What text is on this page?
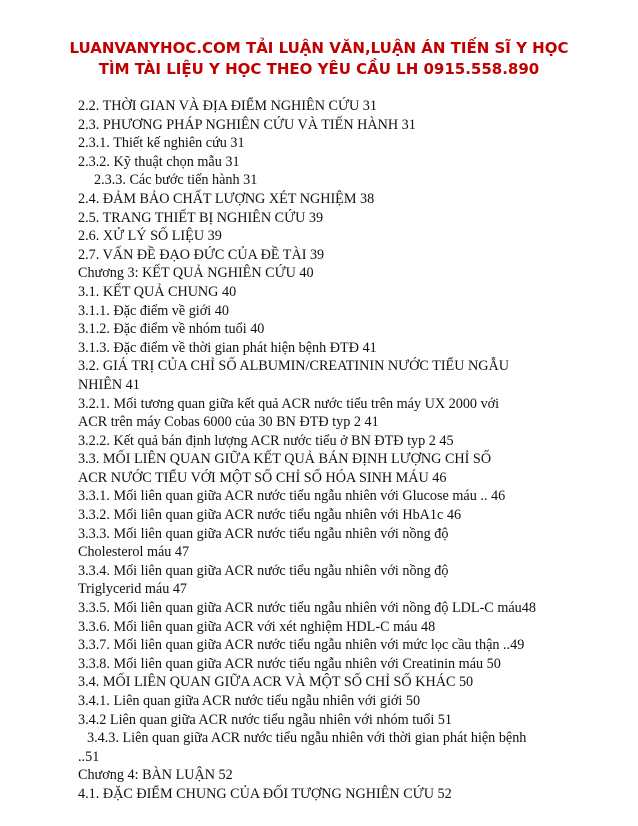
LUANVANYHOC.COM TẢI LUẬN VĂN,LUẬN ÁN TIẾN SĨ Y HỌC
TÌM TÀI LIỆU Y HỌC THEO YÊU CẦU LH 0915.558.890
2.2. THỜI GIAN VÀ ĐỊA ĐIỂM NGHIÊN CỨU 31
2.3. PHƯƠNG PHÁP NGHIÊN CỨU VÀ TIẾN HÀNH 31
2.3.1. Thiết kế nghiên cứu 31
2.3.2. Kỹ thuật chọn mẫu 31
2.3.3. Các bước tiến hành 31
2.4. ĐẢM BẢO CHẤT LƯỢNG XÉT NGHIỆM 38
2.5. TRANG THIẾT BỊ NGHIÊN CỨU 39
2.6. XỬ LÝ SỐ LIỆU 39
2.7. VẤN ĐỀ ĐẠO ĐỨC CỦA ĐỀ TÀI 39
Chương 3: KẾT QUẢ NGHIÊN CỨU 40
3.1. KẾT QUẢ CHUNG 40
3.1.1. Đặc điểm về giới 40
3.1.2. Đặc điểm về nhóm tuổi 40
3.1.3. Đặc điểm về thời gian phát hiện bệnh ĐTĐ 41
3.2. GIÁ TRỊ CỦA CHỈ SỐ ALBUMIN/CREATININ NƯỚC TIỂU NGẪU
NHIÊN 41
3.2.1. Mối tương quan giữa kết quả ACR nước tiểu trên máy UX 2000 với
ACR trên máy Cobas 6000 của 30 BN ĐTĐ typ 2 41
3.2.2. Kết quả bán định lượng ACR nước tiểu ở BN ĐTĐ typ 2 45
3.3. MỐI LIÊN QUAN GIỮA KẾT QUẢ BÁN ĐỊNH LƯỢNG CHỈ SỐ
ACR NƯỚC TIỂU VỚI MỘT SỐ CHỈ SỐ HÓA SINH MÁU 46
3.3.1. Mối liên quan giữa ACR nước tiểu ngẫu nhiên với Glucose máu .. 46
3.3.2. Mối liên quan giữa ACR nước tiểu ngẫu nhiên với HbA1c 46
3.3.3. Mối liên quan giữa ACR nước tiểu ngẫu nhiên với nồng độ
Cholesterol máu 47
3.3.4. Mối liên quan giữa ACR nước tiểu ngẫu nhiên với nồng độ
Triglycerid máu 47
3.3.5. Mối liên quan giữa ACR nước tiểu ngẫu nhiên với nồng độ LDL-C máu48
3.3.6. Mối liên quan giữa ACR với xét nghiệm HDL-C máu 48
3.3.7. Mối liên quan giữa ACR nước tiểu ngẫu nhiên với mức lọc cầu thận ..49
3.3.8. Mối liên quan giữa ACR nước tiểu ngẫu nhiên với Creatinin máu 50
3.4. MỐI LIÊN QUAN GIỮA ACR VÀ MỘT SỐ CHỈ SỐ KHÁC 50
3.4.1. Liên quan giữa ACR nước tiểu ngẫu nhiên với giới 50
3.4.2 Liên quan giữa ACR nước tiểu ngẫu nhiên với nhóm tuổi 51
3.4.3. Liên quan giữa ACR nước tiểu ngẫu nhiên với thời gian phát hiện bệnh
..51
Chương 4: BÀN LUẬN 52
4.1. ĐẶC ĐIỂM CHUNG CỦA ĐỐI TƯỢNG NGHIÊN CỨU 52
